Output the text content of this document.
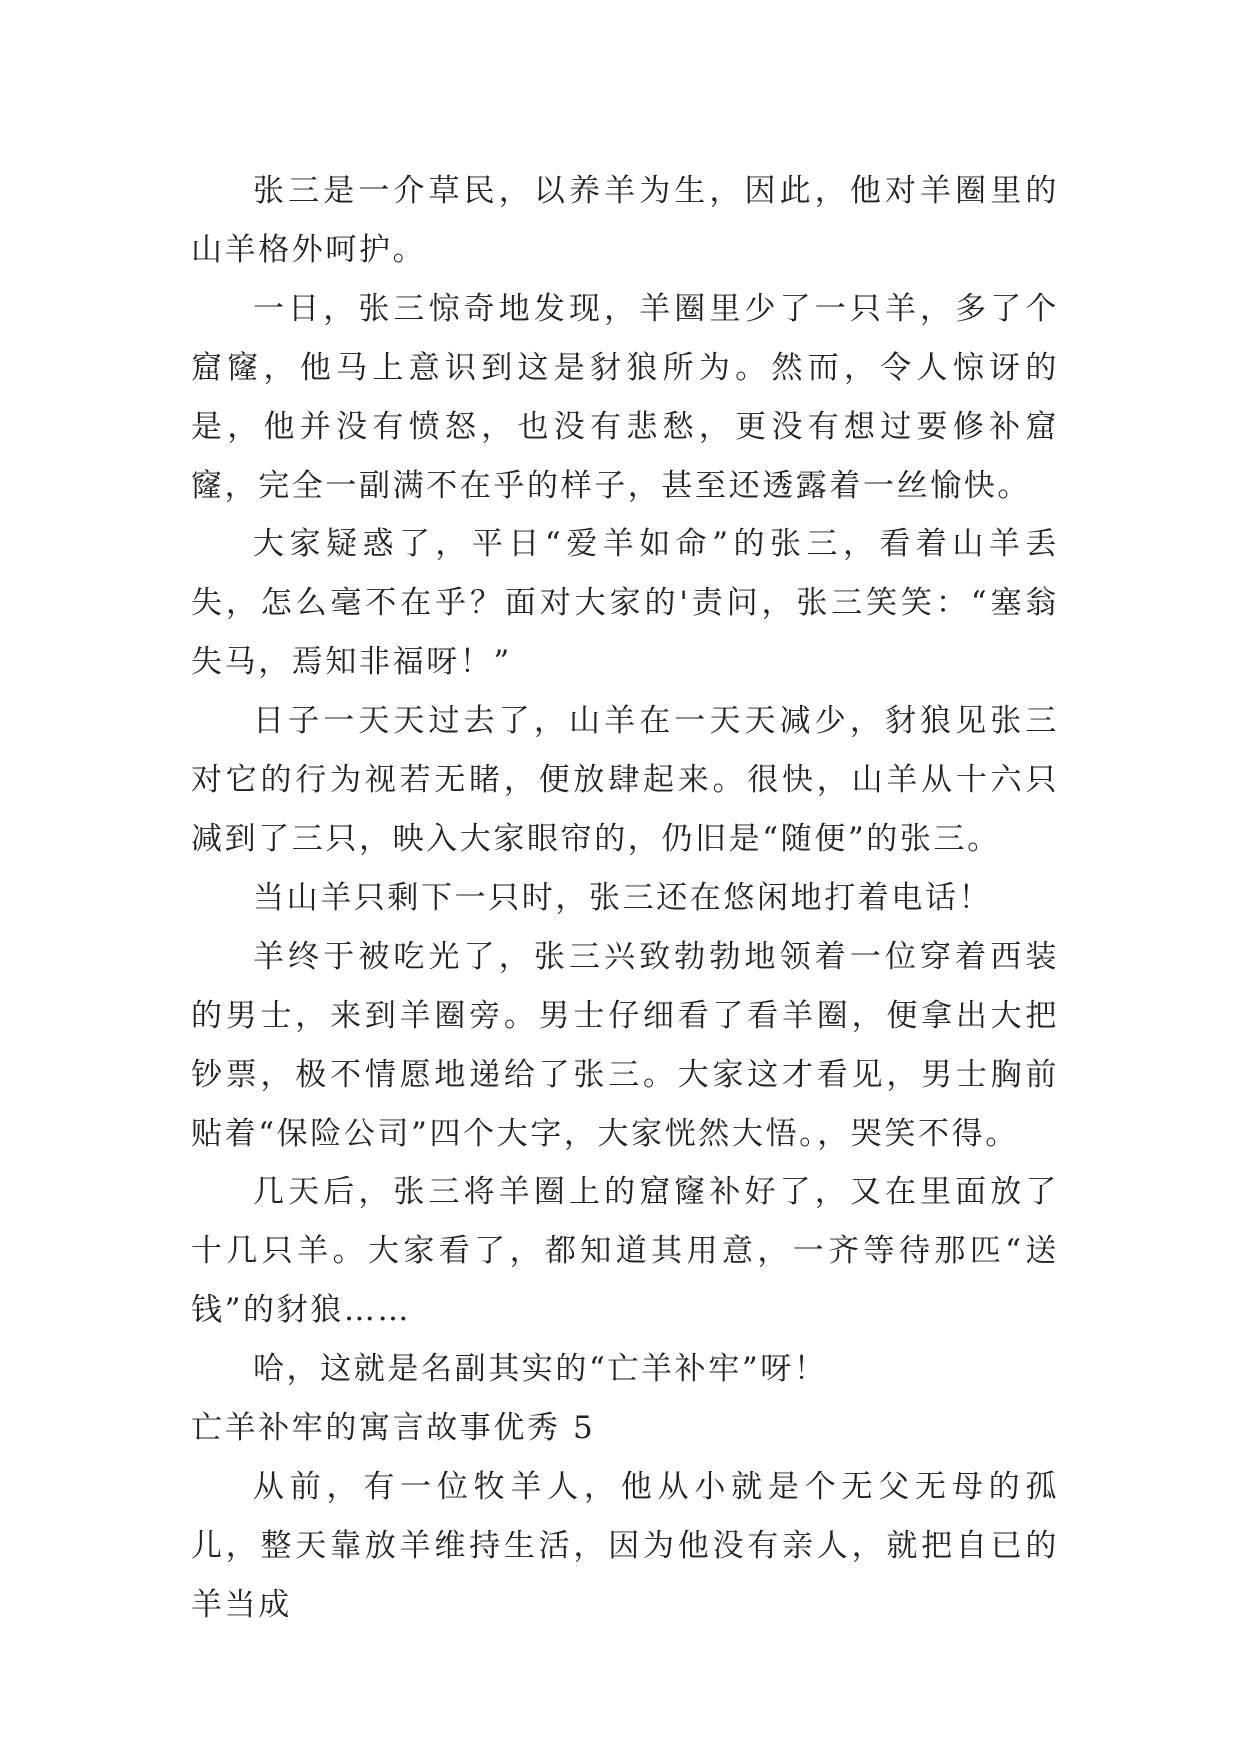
张三是一介草民，以养羊为生，因此，他对羊圈里的山羊格外呵护。

一日，张三惊奇地发现，羊圈里少了一只羊，多了个窟窿，他马上意识到这是豺狼所为。然而，令人惊讶的是，他并没有愤怒，也没有悲愁，更没有想过要修补窟窿，完全一副满不在乎的样子，甚至还透露着一丝愉快。

大家疑惑了，平日“爱羊如命”的张三，看着山羊丢失，怎么毫不在乎？面对大家的'责问，张三笑笑：“塞翁失马，焉知非福呀！”

日子一天天过去了，山羊在一天天减少，豺狼见张三对它的行为视若无睹，便放肆起来。很快，山羊从十六只减到了三只，映入大家眼帘的，仍旧是“随便”的张三。

当山羊只剩下一只时，张三还在悠闲地打着电话！

羊终于被吃光了，张三兴致勃勃地领着一位穿着西装的男士，来到羊圈旁。男士仔细看了看羊圈，便拿出大把钞票，极不情愿地递给了张三。大家这才看见，男士胸前贴着“保险公司”四个大字，大家恍然大悟。，哭笑不得。

几天后，张三将羊圈上的窟窿补好了，又在里面放了十几只羊。大家看了，都知道其用意，一齐等待那匹“送钱”的豺狼……

哈，这就是名副其实的“亡羊补牢”呀！

亡羊补牢的寓言故事优秀 5

从前，有一位牧羊人，他从小就是个无父无母的孤儿，整天靠放羊维持生活，因为他没有亲人，就把自已的羊当成
